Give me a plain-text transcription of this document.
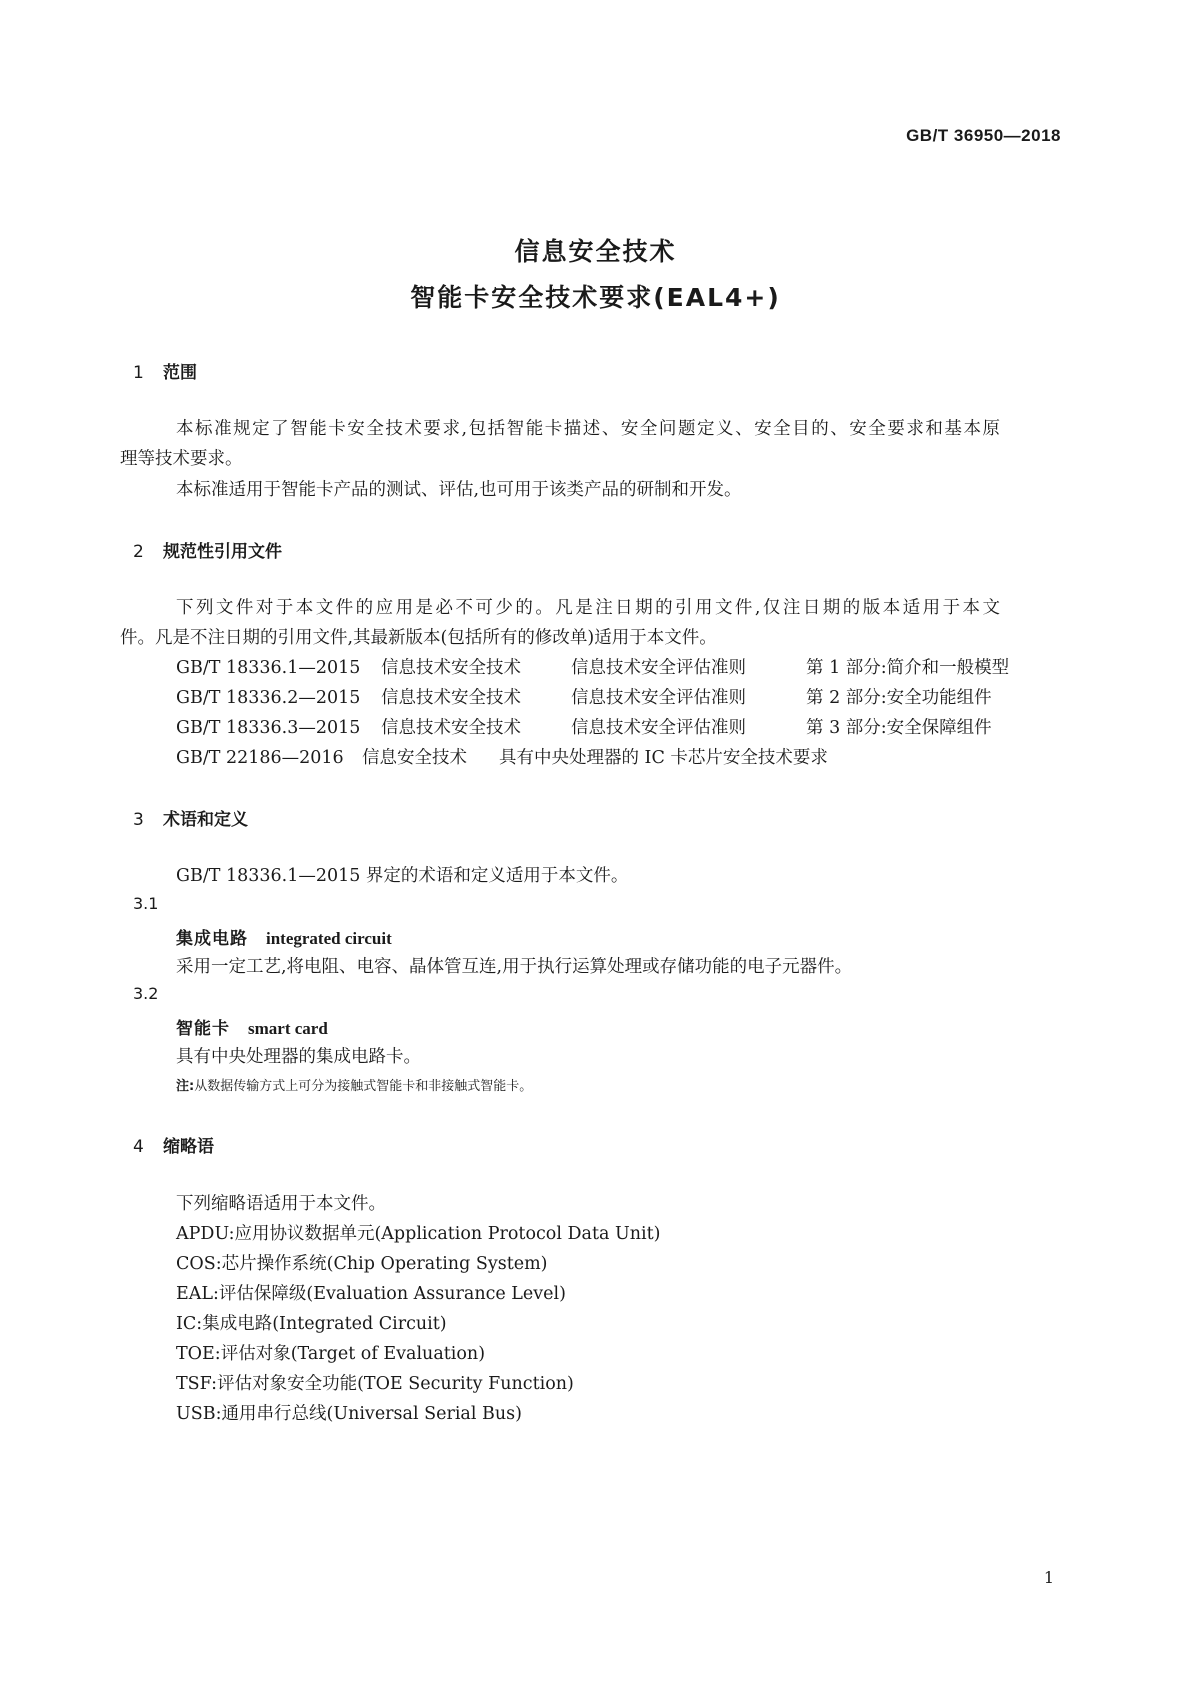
GB/T 36950—2018
信息安全技术
智能卡安全技术要求(EAL4+)
1 范围
本标准规定了智能卡安全技术要求,包括智能卡描述、安全问题定义、安全目的、安全要求和基本原
理等技术要求。
本标准适用于智能卡产品的测试、评估,也可用于该类产品的研制和开发。
2 规范性引用文件
下列文件对于本文件的应用是必不可少的。凡是注日期的引用文件,仅注日期的版本适用于本文
件。凡是不注日期的引用文件,其最新版本(包括所有的修改单)适用于本文件。
GB/T 18336.1—2015 信息技术安全技术	信息技术安全评估准则	第 1 部分:简介和一般模型
GB/T 18336.2—2015 信息技术安全技术	信息技术安全评估准则	第 2 部分:安全功能组件
GB/T 18336.3—2015 信息技术安全技术	信息技术安全评估准则	第 3 部分:安全保障组件
GB/T 22186—2016 信息安全技术 具有中央处理器的 IC 卡芯片安全技术要求
3 术语和定义
GB/T 18336.1—2015 界定的术语和定义适用于本文件。
3.1
集成电路 integrated circuit
采用一定工艺,将电阻、电容、晶体管互连,用于执行运算处理或存储功能的电子元器件。
3.2
智能卡 smart card
具有中央处理器的集成电路卡。
注:从数据传输方式上可分为接触式智能卡和非接触式智能卡。
4 缩略语
下列缩略语适用于本文件。
APDU:应用协议数据单元(Application Protocol Data Unit)
COS:芯片操作系统(Chip Operating System)
EAL:评估保障级(Evaluation Assurance Level)
IC:集成电路(Integrated Circuit)
TOE:评估对象(Target of Evaluation)
TSF:评估对象安全功能(TOE Security Function)
USB:通用串行总线(Universal Serial Bus)
1
